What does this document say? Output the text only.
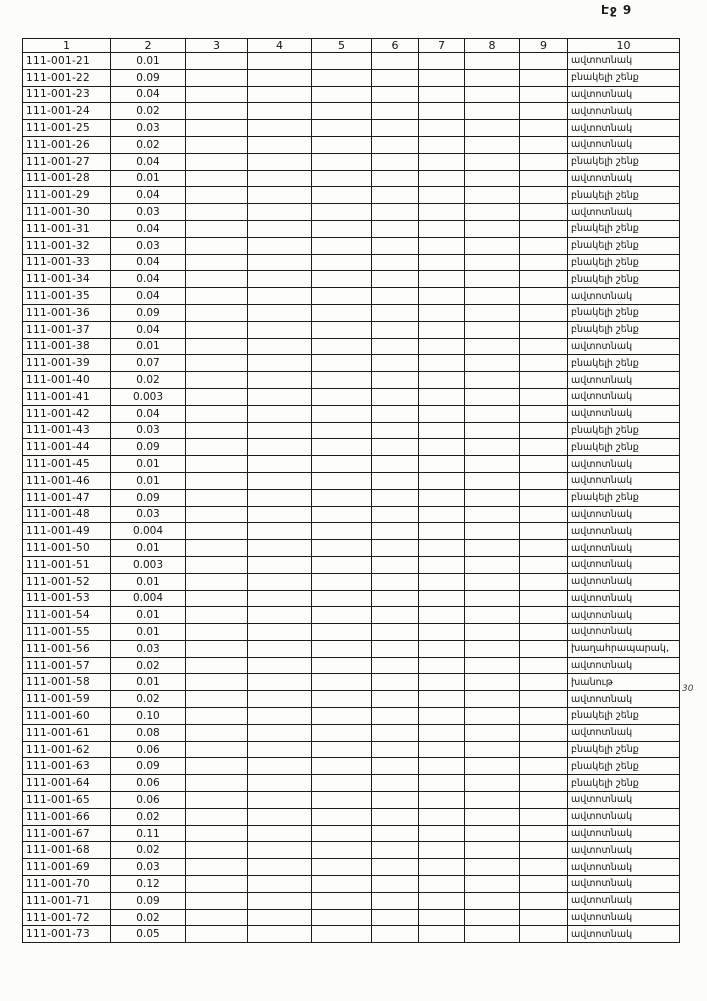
Էջ 9
1	2	3	4	5	6	7	8	9	10
111-001-21	0.01								ավտոտնակ
111-001-22	0.09								բնակելի շենք
111-001-23	0.04								ավտոտնակ
111-001-24	0.02								ավտոտնակ
111-001-25	0.03								ավտոտնակ
111-001-26	0.02								ավտոտնակ
111-001-27	0.04								բնակելի շենք
111-001-28	0.01								ավտոտնակ
111-001-29	0.04								բնակելի շենք
111-001-30	0.03								ավտոտնակ
111-001-31	0.04								բնակելի շենք
111-001-32	0.03								բնակելի շենք
111-001-33	0.04								բնակելի շենք
111-001-34	0.04								բնակելի շենք
111-001-35	0.04								ավտոտնակ
111-001-36	0.09								բնակելի շենք
111-001-37	0.04								բնակելի շենք
111-001-38	0.01								ավտոտնակ
111-001-39	0.07								բնակելի շենք
111-001-40	0.02								ավտոտնակ
111-001-41	0.003								ավտոտնակ
111-001-42	0.04								ավտոտնակ
111-001-43	0.03								բնակելի շենք
111-001-44	0.09								բնակելի շենք
111-001-45	0.01								ավտոտնակ
111-001-46	0.01								ավտոտնակ
111-001-47	0.09								բնակելի շենք
111-001-48	0.03								ավտոտնակ
111-001-49	0.004								ավտոտնակ
111-001-50	0.01								ավտոտնակ
111-001-51	0.003								ավտոտնակ
111-001-52	0.01								ավտոտնակ
111-001-53	0.004								ավտոտնակ
111-001-54	0.01								ավտոտնակ
111-001-55	0.01								ավտոտնակ
111-001-56	0.03								խաղահրապարակ,
111-001-57	0.02								ավտոտնակ
111-001-58	0.01								խանութ
111-001-59	0.02								ավտոտնակ
111-001-60	0.10								բնակելի շենք
111-001-61	0.08								ավտոտնակ
111-001-62	0.06								բնակելի շենք
111-001-63	0.09								բնակելի շենք
111-001-64	0.06								բնակելի շենք
111-001-65	0.06								ավտոտնակ
111-001-66	0.02								ավտոտնակ
111-001-67	0.11								ավտոտնակ
111-001-68	0.02								ավտոտնակ
111-001-69	0.03								ավտոտնակ
111-001-70	0.12								ավտոտնակ
111-001-71	0.09								ավտոտնակ
111-001-72	0.02								ավտոտնակ
111-001-73	0.05								ավտոտնակ
30
